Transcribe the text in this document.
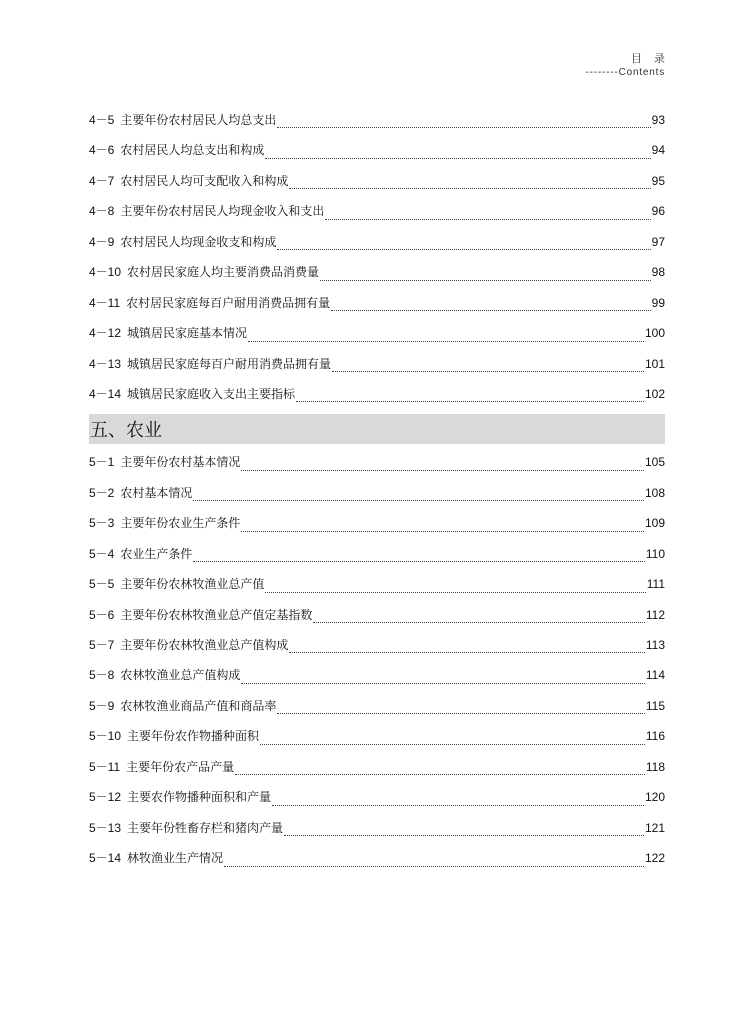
目录
--------Contents
4－5 主要年份农村居民人均总支出	93
4－6 农村居民人均总支出和构成	94
4－7 农村居民人均可支配收入和构成	95
4－8 主要年份农村居民人均现金收入和支出	96
4－9 农村居民人均现金收支和构成	97
4－10 农村居民家庭人均主要消费品消费量	98
4－11 农村居民家庭每百户耐用消费品拥有量	99
4－12 城镇居民家庭基本情况	100
4－13 城镇居民家庭每百户耐用消费品拥有量	101
4－14 城镇居民家庭收入支出主要指标	102
五、农业
5－1 主要年份农村基本情况	105
5－2 农村基本情况	108
5－3 主要年份农业生产条件	109
5－4 农业生产条件	110
5－5 主要年份农林牧渔业总产值	111
5－6 主要年份农林牧渔业总产值定基指数	112
5－7 主要年份农林牧渔业总产值构成	113
5－8 农林牧渔业总产值构成	114
5－9 农林牧渔业商品产值和商品率	115
5－10 主要年份农作物播种面积	116
5－11 主要年份农产品产量	118
5－12 主要农作物播种面积和产量	120
5－13 主要年份牲畜存栏和猪肉产量	121
5－14 林牧渔业生产情况	122
